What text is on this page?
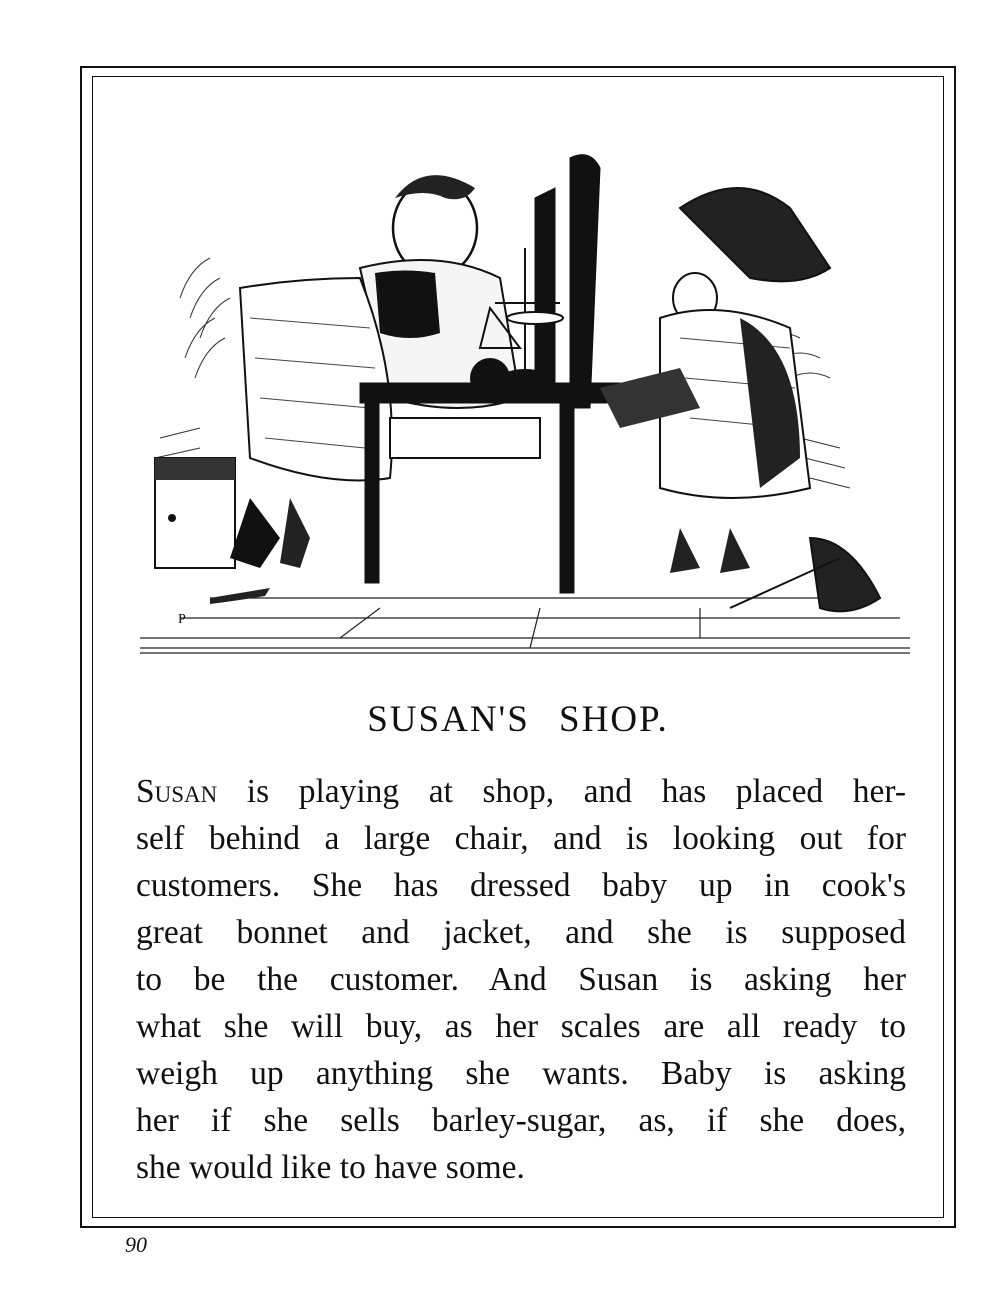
P
SUSAN'S SHOP.
Susan is playing at shop, and has placed her-
self behind a large chair, and is looking out for
customers. She has dressed baby up in cook's
great bonnet and jacket, and she is supposed
to be the customer. And Susan is asking her
what she will buy, as her scales are all ready to
weigh up anything she wants. Baby is asking
her if she sells barley-sugar, as, if she does,
she would like to have some.
90
